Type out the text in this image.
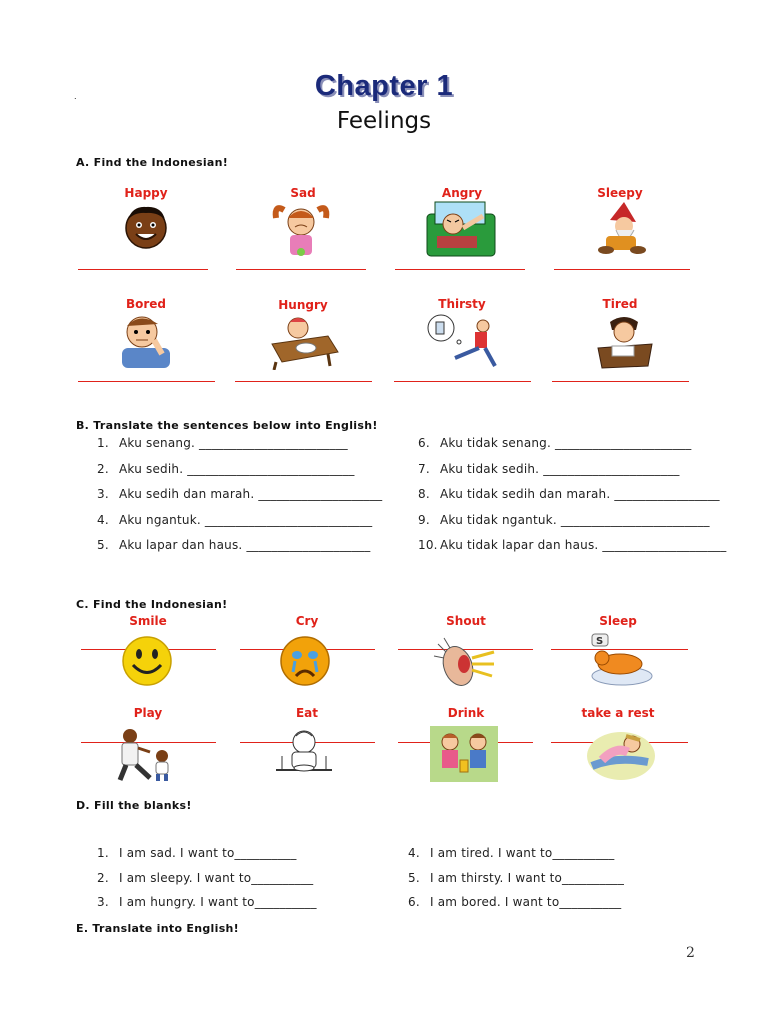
.	Chapter 1
Feelings
A. Find the Indonesian!
Happy	Sad	Angry	Sleepy
Bored	Hungry	Thirsty	Tired
B. Translate the sentences below into English!
1. Aku senang. ________________________
2. Aku sedih. ___________________________
3. Aku sedih dan marah. ____________________
4. Aku ngantuk. ___________________________
5. Aku lapar dan haus. ____________________
6. Aku tidak senang. ______________________
7. Aku tidak sedih. ______________________
8. Aku tidak sedih dan marah. _________________
9. Aku tidak ngantuk. ________________________
10. Aku tidak lapar dan haus. ____________________
C. Find the Indonesian!
Smile	Cry	Shout	Sleep
S
Play	Eat	Drink	take a rest
D. Fill the blanks!
1. I am sad. I want to__________
2. I am sleepy. I want to__________
3. I am hungry. I want to__________
4. I am tired. I want to__________
5. I am thirsty. I want to__________
6. I am bored. I want to__________
E. Translate into English!
2
